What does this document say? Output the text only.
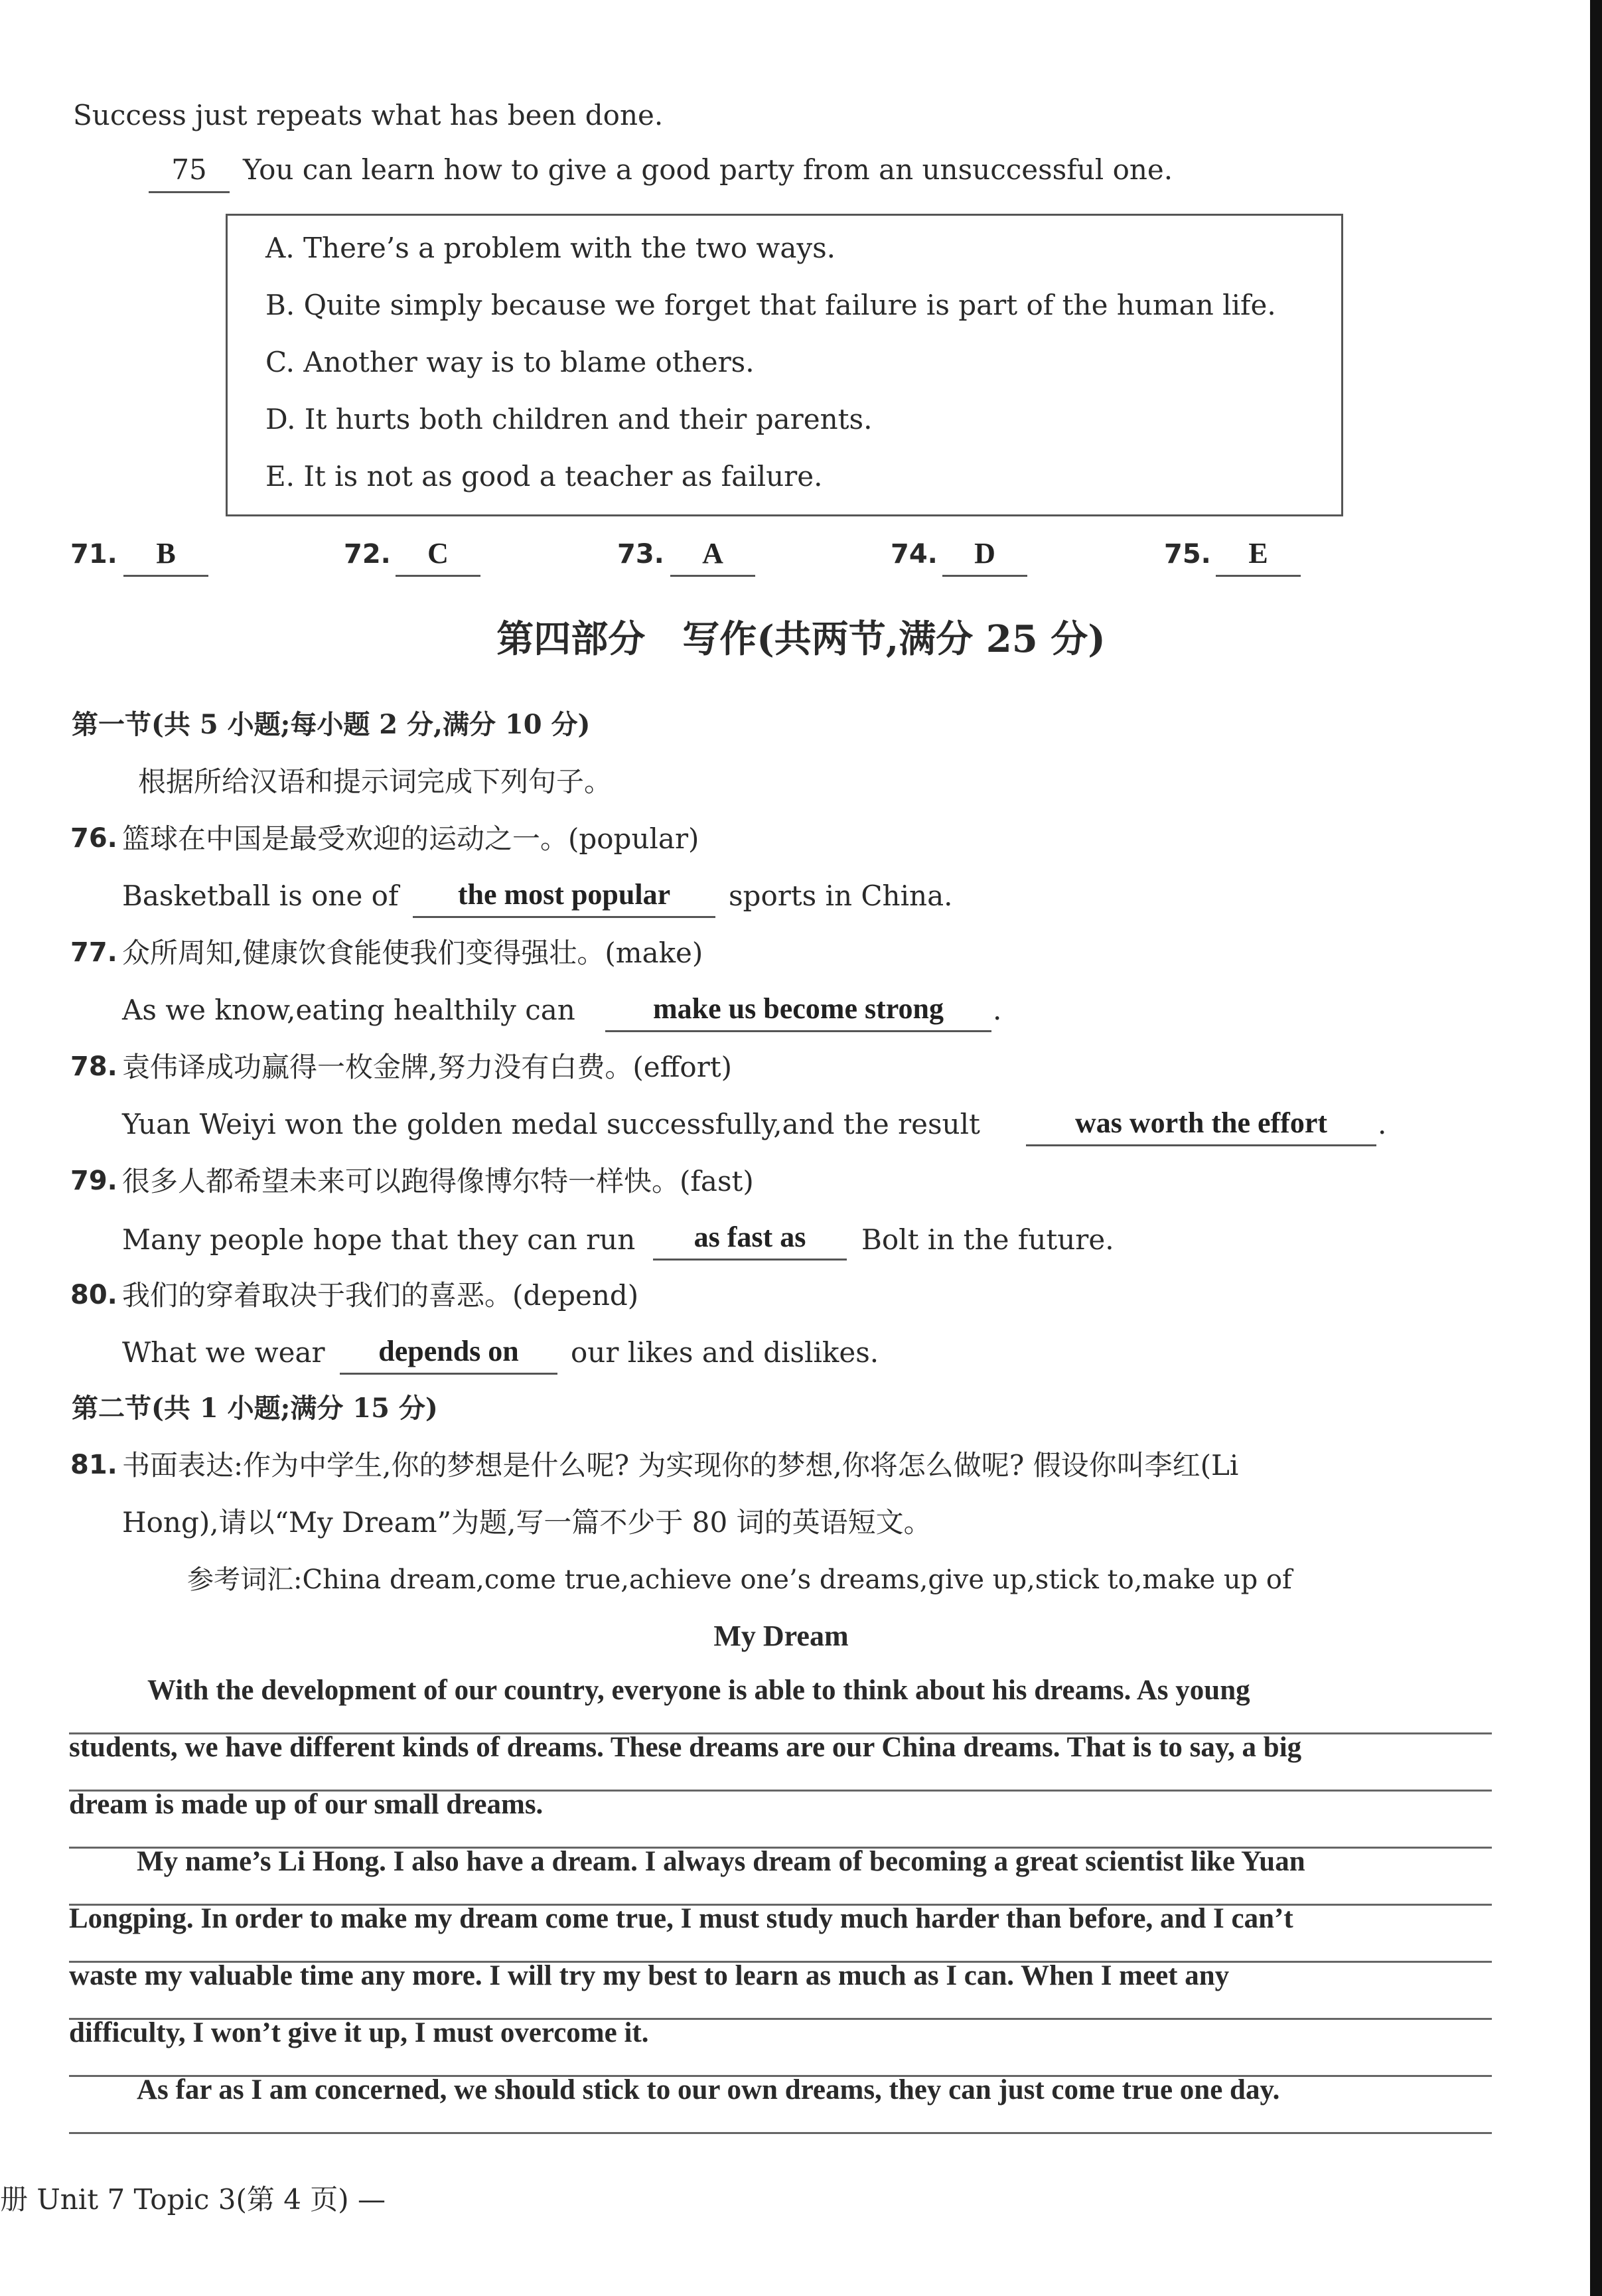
Success just repeats what has been done.
75	You can learn how to give a good party from an unsuccessful one.
A. There’s a problem with the two ways.
B. Quite simply because we forget that failure is part of the human life.
C. Another way is to blame others.
D. It hurts both children and their parents.
E. It is not as good a teacher as failure.
71.	B	72.	C	73.	A	74.	D	75.	E
第四部分　写作(共两节,满分 25 分)
第一节(共 5 小题;每小题 2 分,满分 10 分)
根据所给汉语和提示词完成下列句子。
76. 篮球在中国是最受欢迎的运动之一。(popular)
Basketball is one of	the most popular	sports in China.
77. 众所周知,健康饮食能使我们变得强壮。(make)
As we know,eating healthily can	make us become strong	.
78. 袁伟译成功赢得一枚金牌,努力没有白费。(effort)
Yuan Weiyi won the golden medal successfully,and the result	was worth the effort	.
79. 很多人都希望未来可以跑得像博尔特一样快。(fast)
Many people hope that they can run	as fast as	Bolt in the future.
80. 我们的穿着取决于我们的喜恶。(depend)
What we wear	depends on	our likes and dislikes.
第二节(共 1 小题;满分 15 分)
81. 书面表达:作为中学生,你的梦想是什么呢? 为实现你的梦想,你将怎么做呢? 假设你叫李红(Li
Hong),请以“My Dream”为题,写一篇不少于 80 词的英语短文。
参考词汇:China dream,come true,achieve one’s dreams,give up,stick to,make up of
My Dream
With the development of our country, everyone is able to think about his dreams. As young
students, we have different kinds of dreams. These dreams are our China dreams. That is to say, a big
dream is made up of our small dreams.
My name’s Li Hong. I also have a dream. I always dream of becoming a great scientist like Yuan
Longping. In order to make my dream come true, I must study much harder than before, and I can’t
waste my valuable time any more. I will try my best to learn as much as I can. When I meet any
difficulty, I won’t give it up, I must overcome it.
As far as I am concerned, we should stick to our own dreams, they can just come true one day.
册 Unit 7 Topic 3(第 4 页) —
